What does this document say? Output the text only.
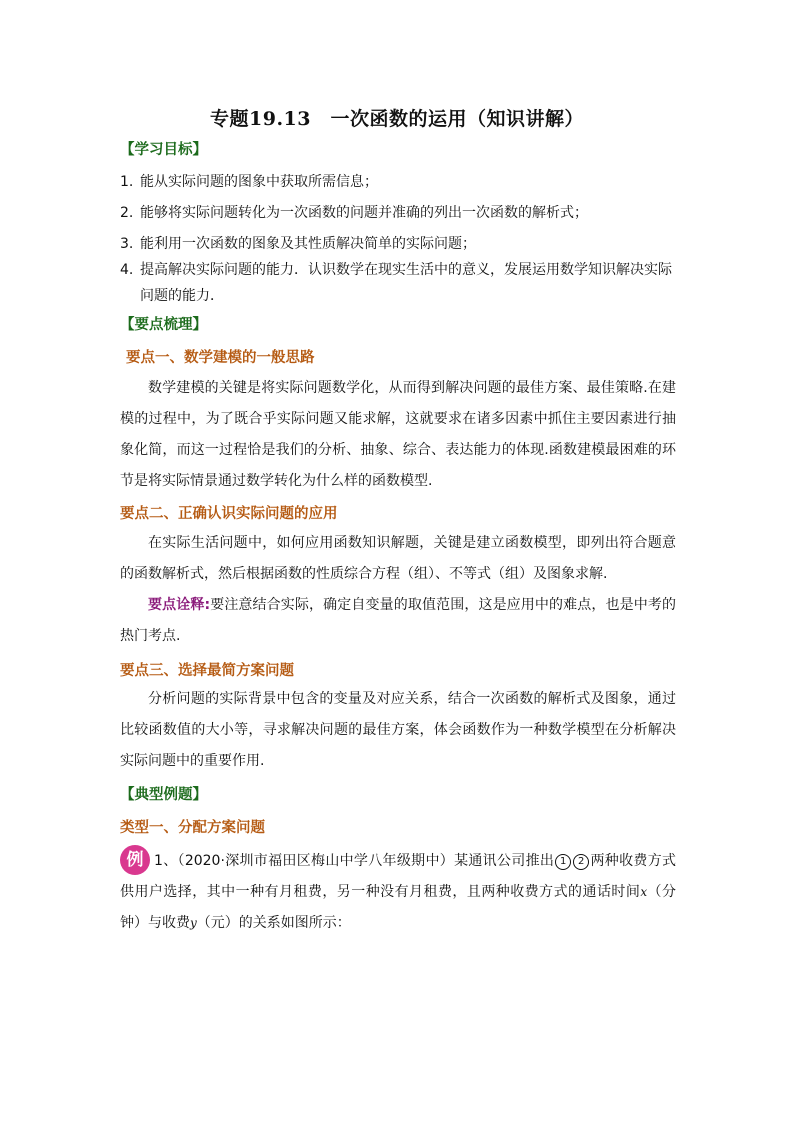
专题19.13　一次函数的运用（知识讲解）
【学习目标】
1. 能从实际问题的图象中获取所需信息；
2. 能够将实际问题转化为一次函数的问题并准确的列出一次函数的解析式；
3. 能利用一次函数的图象及其性质解决简单的实际问题；
4. 提高解决实际问题的能力．认识数学在现实生活中的意义，发展运用数学知识解决实际
问题的能力．
【要点梳理】
要点一、数学建模的一般思路
数学建模的关键是将实际问题数学化，从而得到解决问题的最佳方案、最佳策略.在建模的过程中，为了既合乎实际问题又能求解，这就要求在诸多因素中抓住主要因素进行抽象化简，而这一过程恰是我们的分析、抽象、综合、表达能力的体现.函数建模最困难的环节是将实际情景通过数学转化为什么样的函数模型.
要点二、正确认识实际问题的应用
在实际生活问题中，如何应用函数知识解题，关键是建立函数模型，即列出符合题意的函数解析式，然后根据函数的性质综合方程（组）、不等式（组）及图象求解.
要点诠释:要注意结合实际，确定自变量的取值范围，这是应用中的难点，也是中考的热门考点.
要点三、选择最简方案问题
分析问题的实际背景中包含的变量及对应关系，结合一次函数的解析式及图象，通过比较函数值的大小等，寻求解决问题的最佳方案，体会函数作为一种数学模型在分析解决实际问题中的重要作用.
【典型例题】
类型一、分配方案问题
例 1、（2020·深圳市福田区梅山中学八年级期中）某通讯公司推出 1 2 两种收费方式供用户选择，其中一种有月租费，另一种没有月租费，且两种收费方式的通话时间x（分钟）与收费y（元）的关系如图所示：
